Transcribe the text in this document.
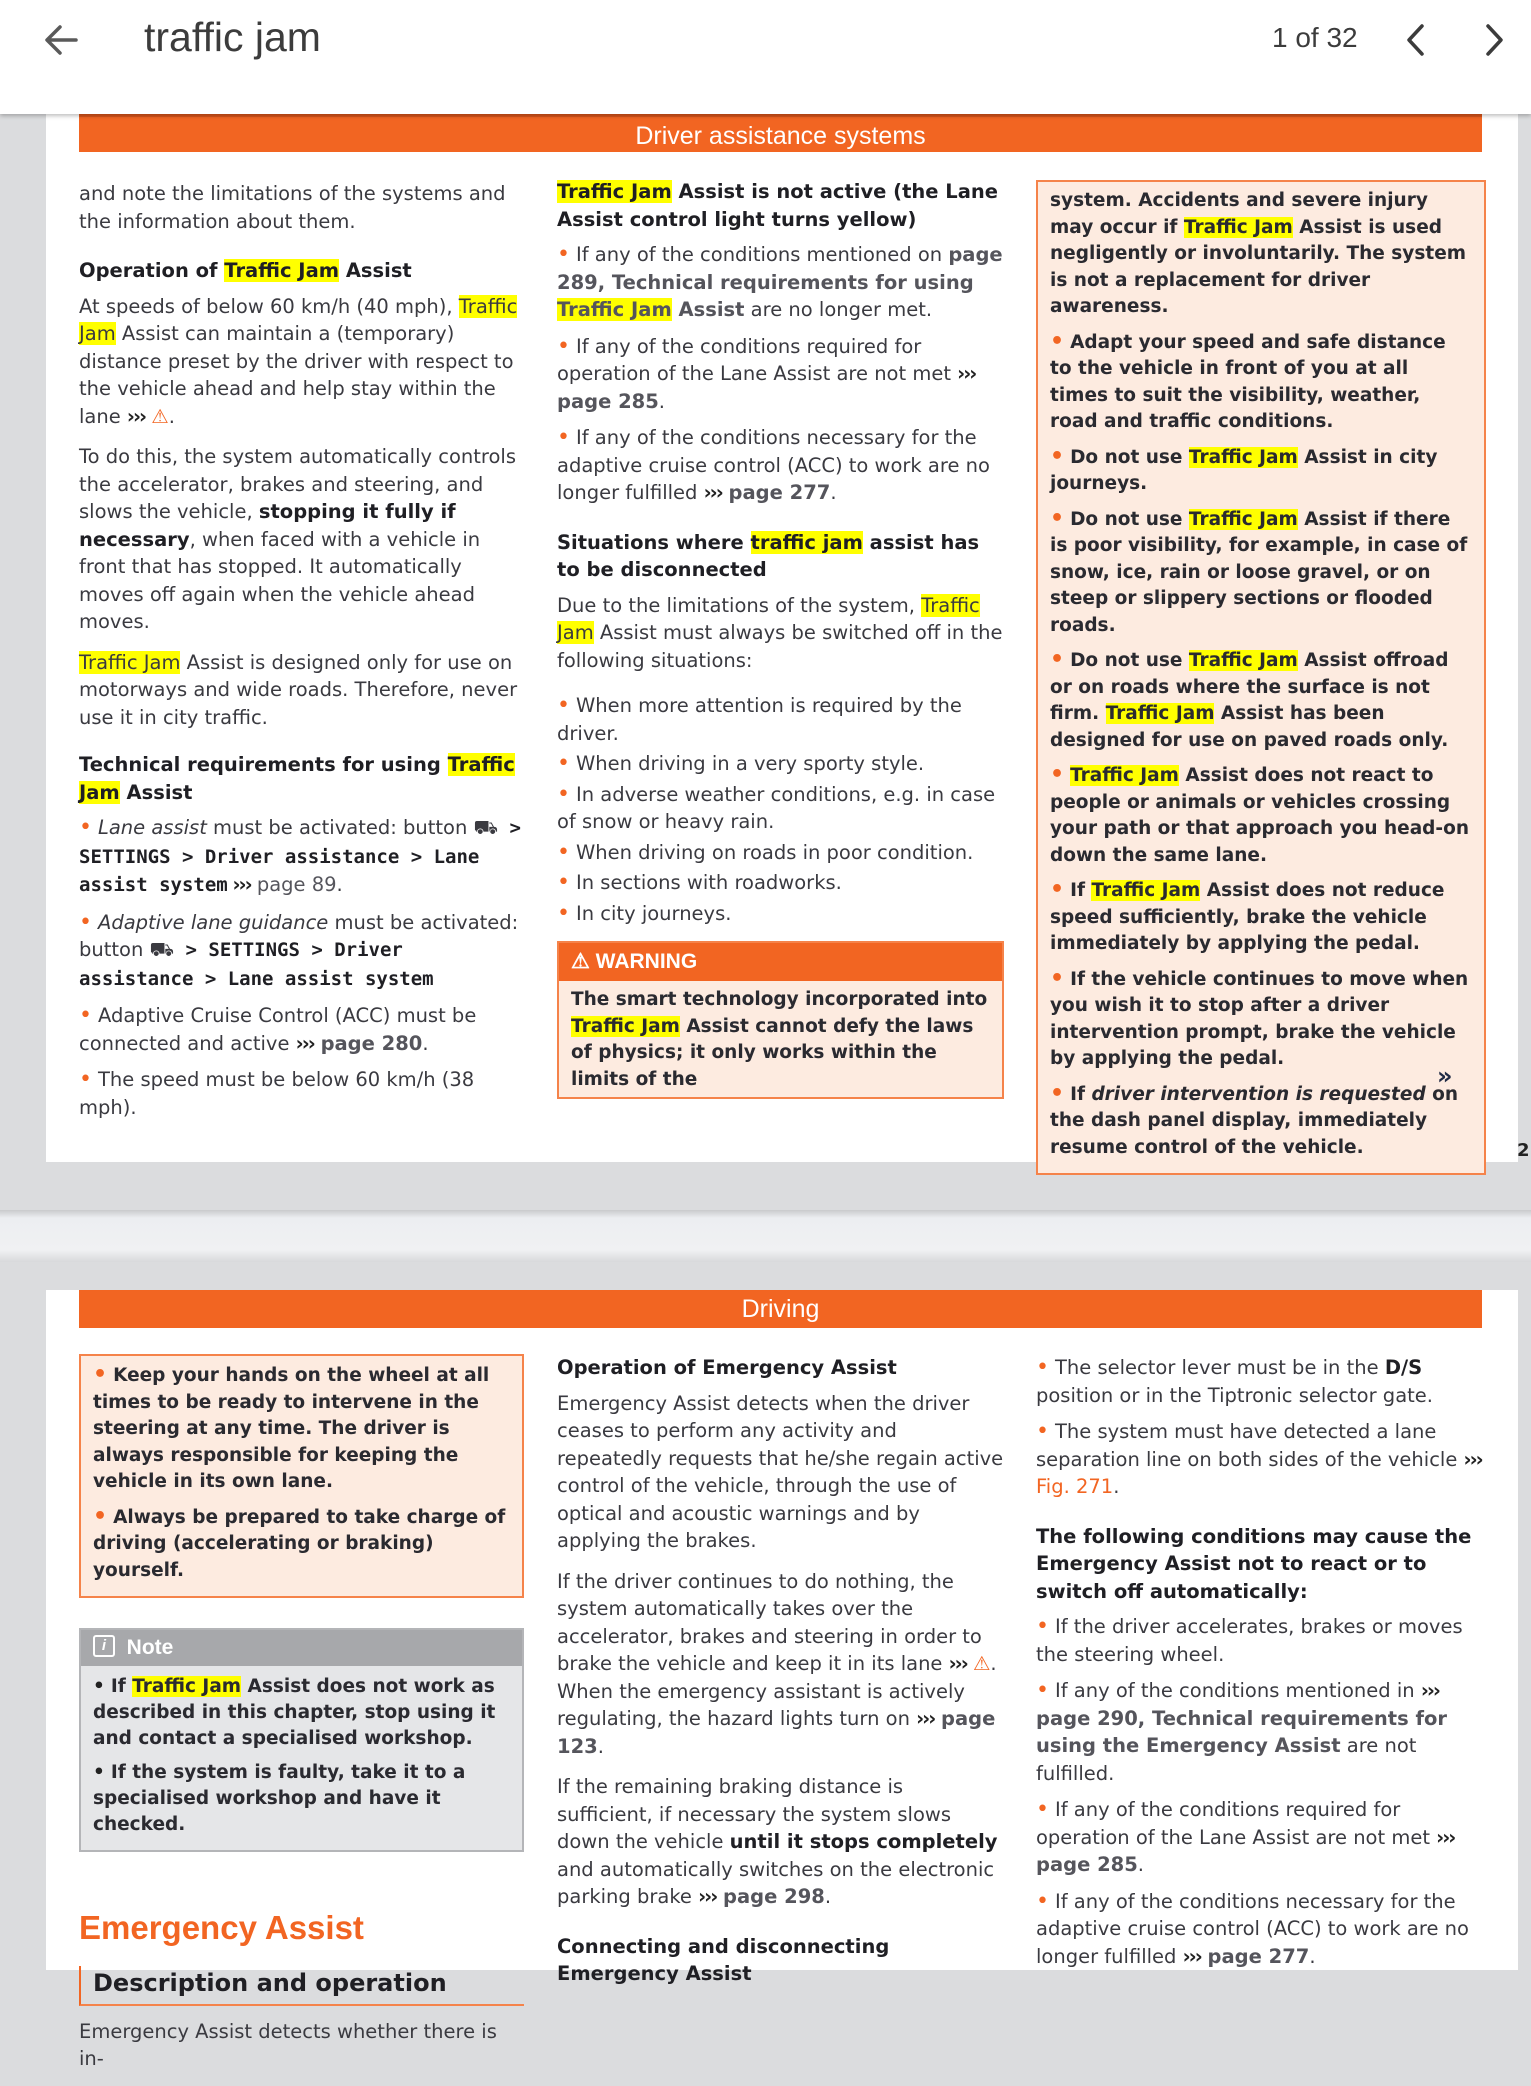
traffic jam	1 of 32
Driver assistance systems

and note the limitations of the systems and the information about them.

Operation of Traffic Jam Assist

At speeds of below 60 km/h (40 mph), Traffic Jam Assist can maintain a (temporary) distance preset by the driver with respect to the vehicle ahead and help stay within the lane ››› ⚠.

To do this, the system automatically controls the accelerator, brakes and steering, and slows the vehicle, stopping it fully if necessary, when faced with a vehicle in front that has stopped. It automatically moves off again when the vehicle ahead moves.

Traffic Jam Assist is designed only for use on motorways and wide roads. Therefore, never use it in city traffic.

Technical requirements for using Traffic Jam Assist
• Lane assist must be activated: button ⛟ > SETTINGS > Driver assistance > Lane assist system ››› page 89.
• Adaptive lane guidance must be activated: button ⛟ > SETTINGS > Driver assistance > Lane assist system
• Adaptive Cruise Control (ACC) must be connected and active ››› page 280.
• The speed must be below 60 km/h (38 mph).
Traffic Jam Assist is not active (the Lane Assist control light turns yellow)
• If any of the conditions mentioned on page 289, Technical requirements for using Traffic Jam Assist are no longer met.
• If any of the conditions required for operation of the Lane Assist are not met ››› page 285.
• If any of the conditions necessary for the adaptive cruise control (ACC) to work are no longer fulfilled ››› page 277.
Situations where traffic jam assist has to be disconnected

Due to the limitations of the system, Traffic Jam Assist must always be switched off in the following situations:

• When more attention is required by the driver.
• When driving in a very sporty style.
• In adverse weather conditions, e.g. in case of snow or heavy rain.
• When driving on roads in poor condition.
• In sections with roadworks.
• In city journeys.
⚠ WARNING
The smart technology incorporated into Traffic Jam Assist cannot defy the laws of physics; it only works within the limits of the

system. Accidents and severe injury may occur if Traffic Jam Assist is used negligently or involuntarily. The system is not a replacement for driver awareness.

• Adapt your speed and safe distance to the vehicle in front of you at all times to suit the visibility, weather, road and traffic conditions.

• Do not use Traffic Jam Assist in city journeys.

• Do not use Traffic Jam Assist if there is poor visibility, for example, in case of snow, ice, rain or loose gravel, or on steep or slippery sections or flooded roads.

• Do not use Traffic Jam Assist offroad or on roads where the surface is not firm. Traffic Jam Assist has been designed for use on paved roads only.

• Traffic Jam Assist does not react to people or animals or vehicles crossing your path or that approach you head-on down the same lane.

• If Traffic Jam Assist does not reduce speed sufficiently, brake the vehicle immediately by applying the pedal.

• If the vehicle continues to move when you wish it to stop after a driver intervention prompt, brake the vehicle by applying the pedal.

• If driver intervention is requested on the dash panel display, immediately resume control of the vehicle.

»
2
Driving

• Keep your hands on the wheel at all times to be ready to intervene in the steering at any time. The driver is always responsible for keeping the vehicle in its own lane.

• Always be prepared to take charge of driving (accelerating or braking) yourself.

i Note

• If Traffic Jam Assist does not work as described in this chapter, stop using it and contact a specialised workshop.

• If the system is faulty, take it to a specialised workshop and have it checked.

Emergency Assist
Description and operation

Emergency Assist detects whether there is in-

Operation of Emergency Assist

Emergency Assist detects when the driver ceases to perform any activity and repeatedly requests that he/she regain active control of the vehicle, through the use of optical and acoustic warnings and by applying the brakes.

If the driver continues to do nothing, the system automatically takes over the accelerator, brakes and steering in order to brake the vehicle and keep it in its lane ››› ⚠. When the emergency assistant is actively regulating, the hazard lights turn on ››› page 123.

If the remaining braking distance is sufficient, if necessary the system slows down the vehicle until it stops completely and automatically switches on the electronic parking brake ››› page 298.

Connecting and disconnecting Emergency Assist
• The selector lever must be in the D/S position or in the Tiptronic selector gate.
• The system must have detected a lane separation line on both sides of the vehicle ››› Fig. 271.
The following conditions may cause the Emergency Assist not to react or to switch off automatically:
• If the driver accelerates, brakes or moves the steering wheel.
• If any of the conditions mentioned in ››› page 290, Technical requirements for using the Emergency Assist are not fulfilled.
• If any of the conditions required for operation of the Lane Assist are not met ››› page 285.
• If any of the conditions necessary for the adaptive cruise control (ACC) to work are no longer fulfilled ››› page 277.
